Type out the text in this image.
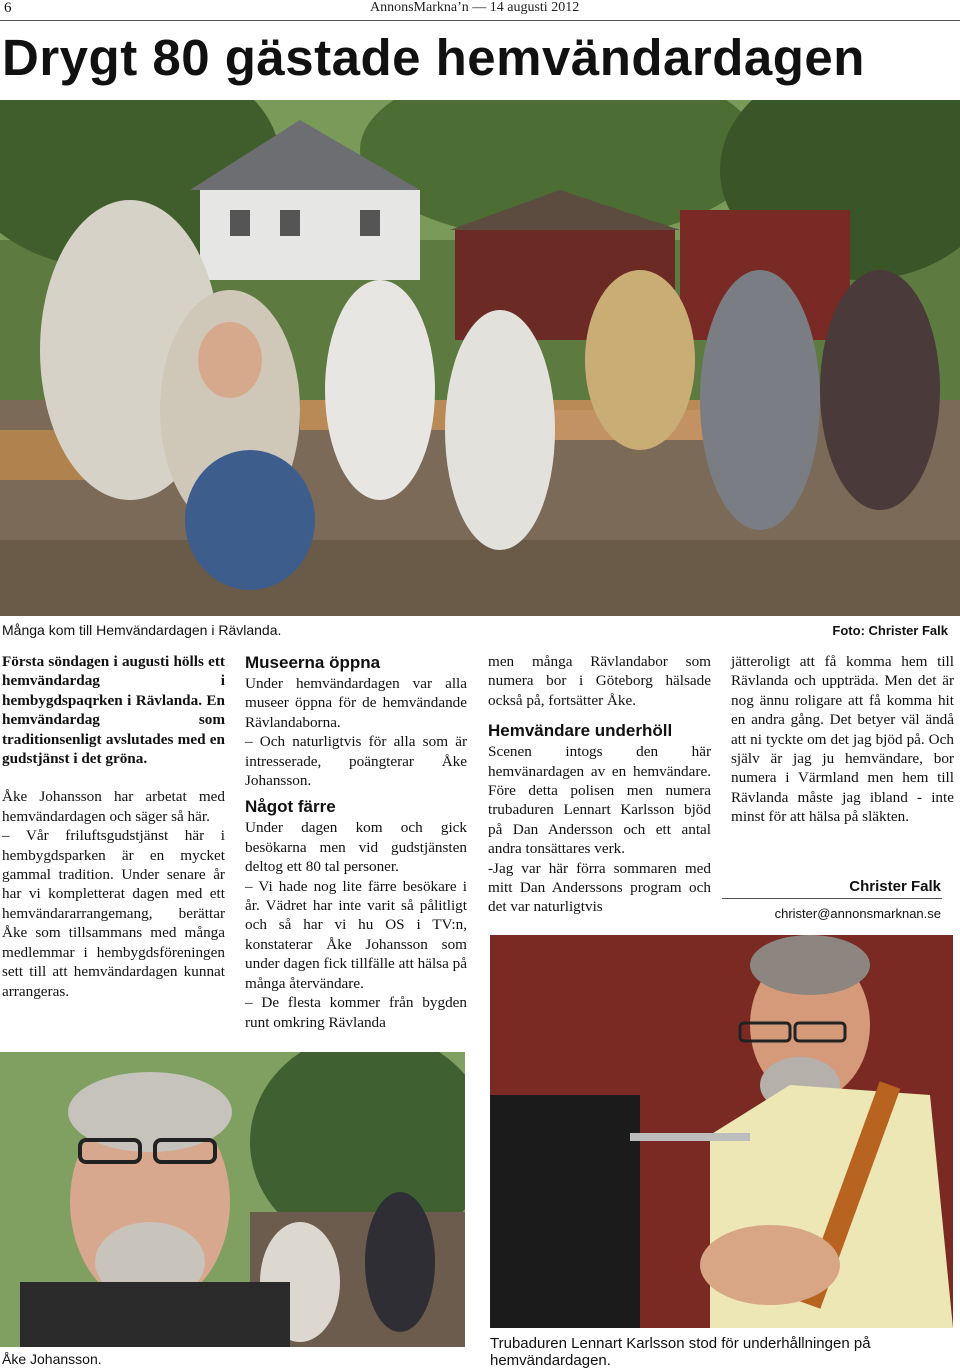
6	AnnonsMarkna’n — 14 augusti 2012
Drygt 80 gästade hemvändardagen
Många kom till Hemvändardagen i Rävlanda.	Foto: Christer Falk

Första söndagen i augusti hölls ett hemvändardag i hembygdspaqrken i Rävlanda. En hemvändardag som traditionsenligt avslutades med en gudstjänst i det gröna.

Åke Johansson har arbetat med hemvändardagen och säger så här.

– Vår friluftsgudstjänst här i hembygdsparken är en mycket gammal tradition. Under senare år har vi kompletterat dagen med ett hemvändararrangemang, berättar Åke som tillsammans med många medlemmar i hembygdsföreningen sett till att hemvändardagen kunnat arrangeras.

Museerna öppna

Under hemvändardagen var alla museer öppna för de hemvändande Rävlandaborna.

– Och naturligtvis för alla som är intresserade, poängterar Åke Johansson.

Något färre

Under dagen kom och gick besökarna men vid gudstjänsten deltog ett 80 tal personer.

– Vi hade nog lite färre besökare i år. Vädret har inte varit så pålitligt och så har vi hu OS i TV:n, konstaterar Åke Johansson som under dagen fick tillfälle att hälsa på många återvändare.

– De flesta kommer från bygden runt omkring Rävlanda

men många Rävlandabor som numera bor i Göteborg hälsade också på, fortsätter Åke.

Hemvändare underhöll

Scenen intogs den här hemvänardagen av en hemvändare. Före detta polisen men numera trubaduren Lennart Karlsson bjöd på Dan Andersson och ett antal andra tonsättares verk.

-Jag var här förra sommaren med mitt Dan Anderssons program och det var naturligtvis

jätteroligt att få komma hem till Rävlanda och uppträda. Men det är nog ännu roligare att få komma hit en andra gång. Det betyer väl ändå att ni tyckte om det jag bjöd på. Och själv är jag ju hemvändare, bor numera i Värmland men hem till Rävlanda måste jag ibland - inte minst för att hälsa på släkten.

Christer Falk
christer@annonsmarknan.se
Åke Johansson.
Trubaduren Lennart Karlsson stod för underhållningen på hemvändardagen.
